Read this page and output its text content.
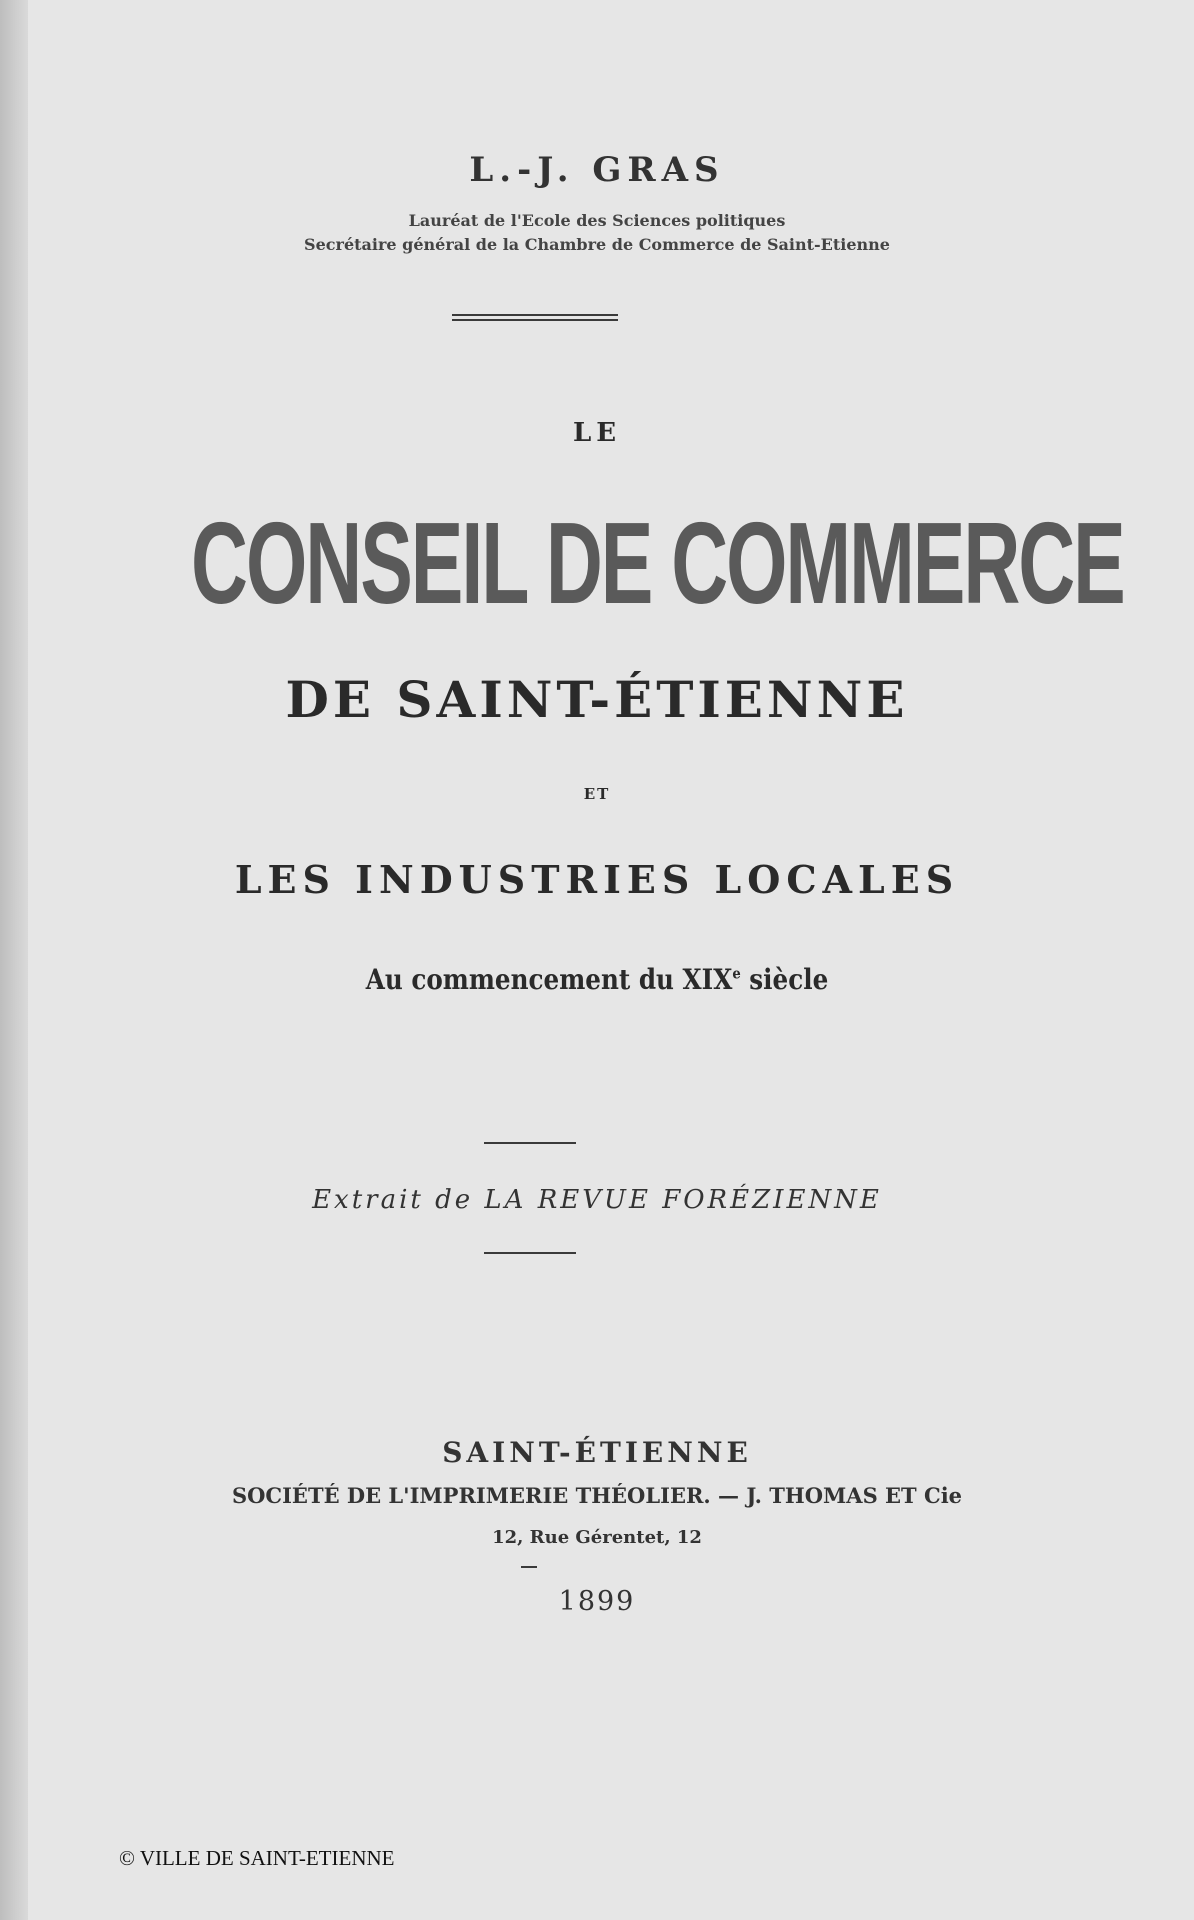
L.-J. GRAS
Lauréat de l'Ecole des Sciences politiques
Secrétaire général de la Chambre de Commerce de Saint-Etienne
LE
CONSEIL DE COMMERCE
DE SAINT-ÉTIENNE
ET
LES INDUSTRIES LOCALES
Au commencement du XIXe siècle
Extrait de LA REVUE FORÉZIENNE
SAINT-ÉTIENNE
SOCIÉTÉ DE L'IMPRIMERIE THÉOLIER. — J. THOMAS ET Cie
12, Rue Gérentet, 12
1899
© VILLE DE SAINT-ETIENNE
